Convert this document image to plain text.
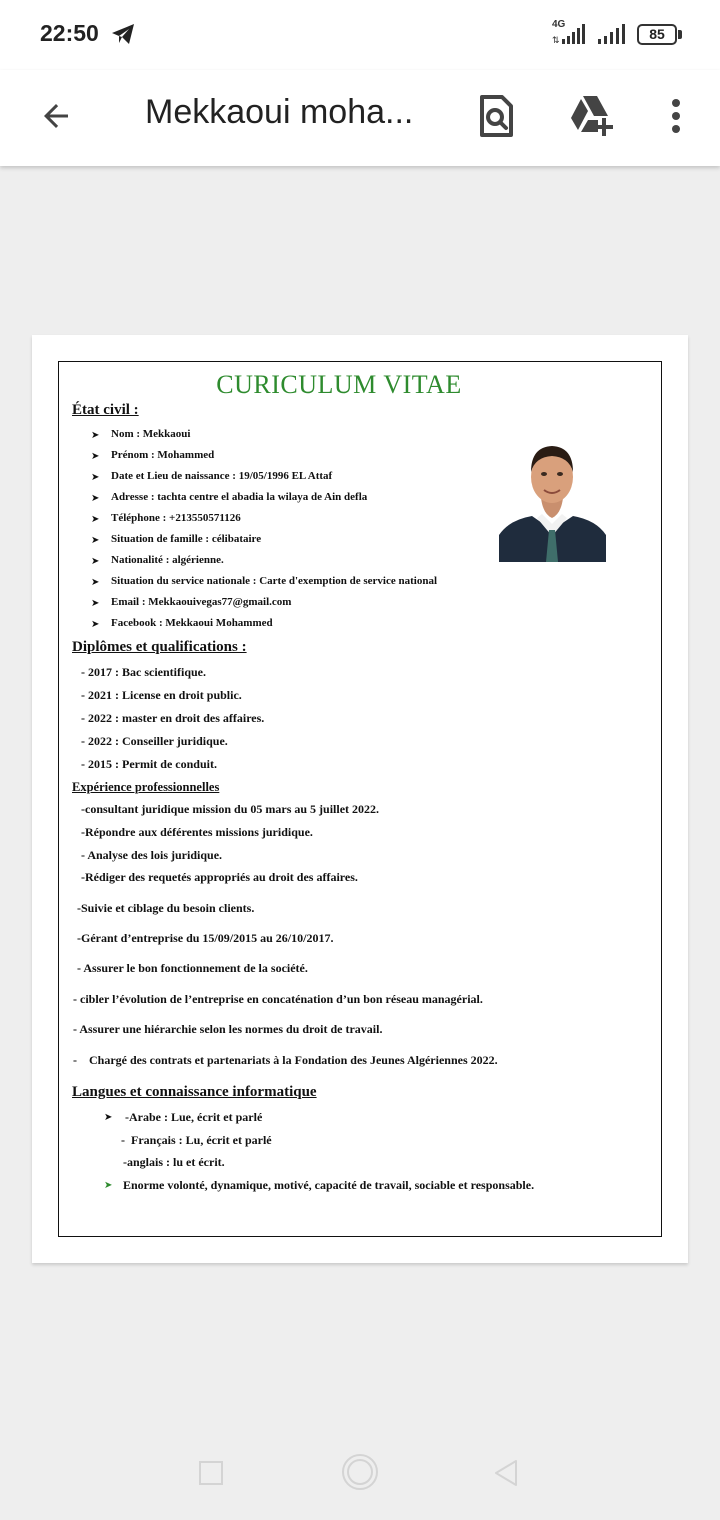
22:50	4G
⇅	85
Mekkaoui moha...
CURICULUM VITAE
État civil :
➤ Nom : Mekkaoui
➤ Prénom : Mohammed
➤ Date et Lieu de naissance : 19/05/1996 EL Attaf
➤ Adresse : tachta centre el abadia la wilaya de Ain defla
➤ Téléphone : +213550571126
➤ Situation de famille : célibataire
➤ Nationalité : algérienne.
➤ Situation du service nationale : Carte d'exemption de service national
➤ Email : Mekkaouivegas77@gmail.com
➤ Facebook : Mekkaoui Mohammed
Diplômes et qualifications :
- 2017 : Bac scientifique.
- 2021 : License en droit public.
- 2022 : master en droit des affaires.
- 2022 : Conseiller juridique.
- 2015 : Permit de conduit.
Expérience professionnelles
-consultant juridique mission du 05 mars au 5 juillet 2022.
-Répondre aux déférentes missions juridique.
- Analyse des lois juridique.
-Rédiger des requetés appropriés au droit des affaires.
-Suivie et ciblage du besoin clients.
-Gérant d’entreprise du 15/09/2015 au 26/10/2017.
- Assurer le bon fonctionnement de la société.
- cibler l’évolution de l’entreprise en concaténation d’un bon réseau managérial.
- Assurer une hiérarchie selon les normes du droit de travail.
-    Chargé des contrats et partenariats à la Fondation des Jeunes Algériennes 2022.
Langues et connaissance informatique
➤ -Arabe : Lue, écrit et parlé
-  Français : Lu, écrit et parlé
-anglais : lu et écrit.
➤ Enorme volonté, dynamique, motivé, capacité de travail, sociable et responsable.
